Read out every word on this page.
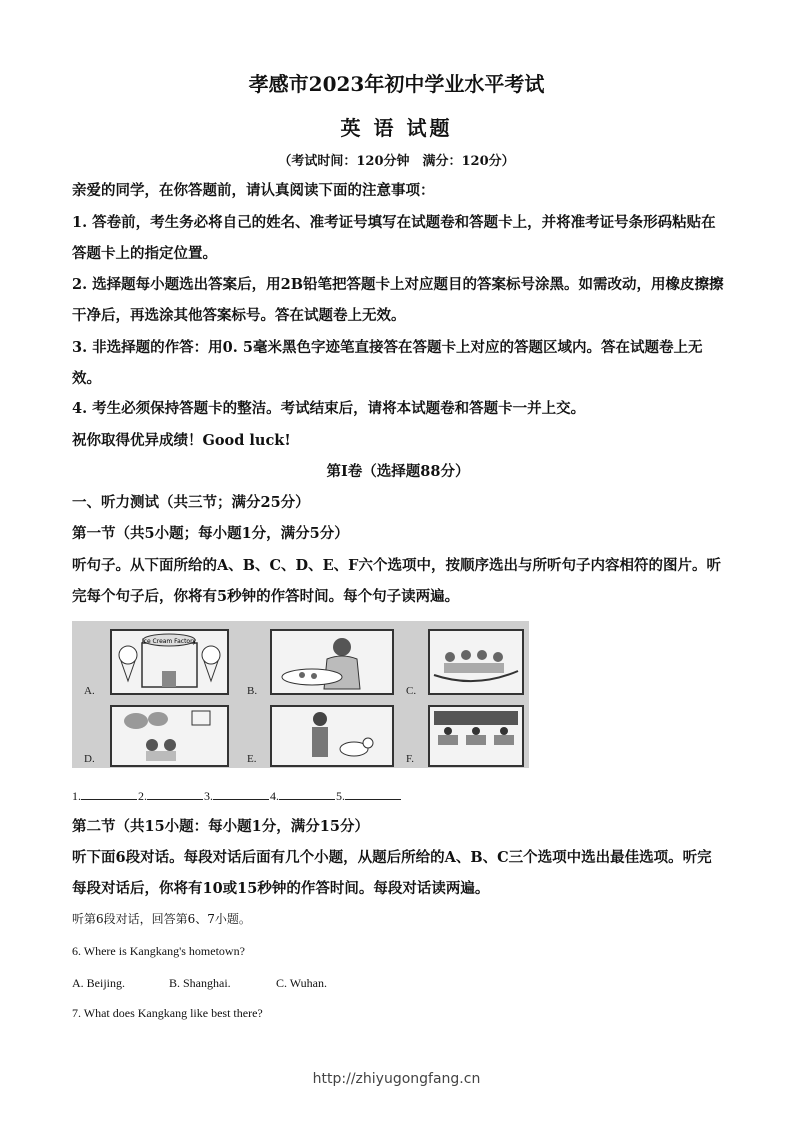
孝感市2023年初中学业水平考试
英 语 试题
（考试时间：120分钟　满分：120分）
亲爱的同学，在你答题前，请认真阅读下面的注意事项：
1. 答卷前，考生务必将自己的姓名、准考证号填写在试题卷和答题卡上，并将准考证号条形码粘贴在答题卡上的指定位置。
2. 选择题每小题选出答案后，用2B铅笔把答题卡上对应题目的答案标号涂黑。如需改动，用橡皮擦擦干净后，再选涂其他答案标号。答在试题卷上无效。
3. 非选择题的作答：用0. 5毫米黑色字迹笔直接答在答题卡上对应的答题区域内。答在试题卷上无效。
4. 考生必须保持答题卡的整洁。考试结束后，请将本试题卷和答题卡一并上交。
祝你取得优异成绩！Good luck!
第Ⅰ卷（选择题88分）
一、听力测试（共三节；满分25分）
第一节（共5小题；每小题1分，满分5分）
听句子。从下面所给的A、B、C、D、E、F六个选项中，按顺序选出与所听句子内容相符的图片。听完每个句子后，你将有5秒钟的作答时间。每个句子读两遍。
Ice Cream Factory
A.	B.	C.
D.	E.	F.
1.	2.	3.	4.	5.
第二节（共15小题：每小题1分，满分15分）
听下面6段对话。每段对话后面有几个小题，从题后所给的A、B、C三个选项中选出最佳选项。听完每段对话后，你将有10或15秒钟的作答时间。每段对话读两遍。
听第6段对话，回答第6、7小题。
6. Where is Kangkang's hometown?
A. Beijing.	B. Shanghai.	C. Wuhan.
7. What does Kangkang like best there?
http://zhiyugongfang.cn
